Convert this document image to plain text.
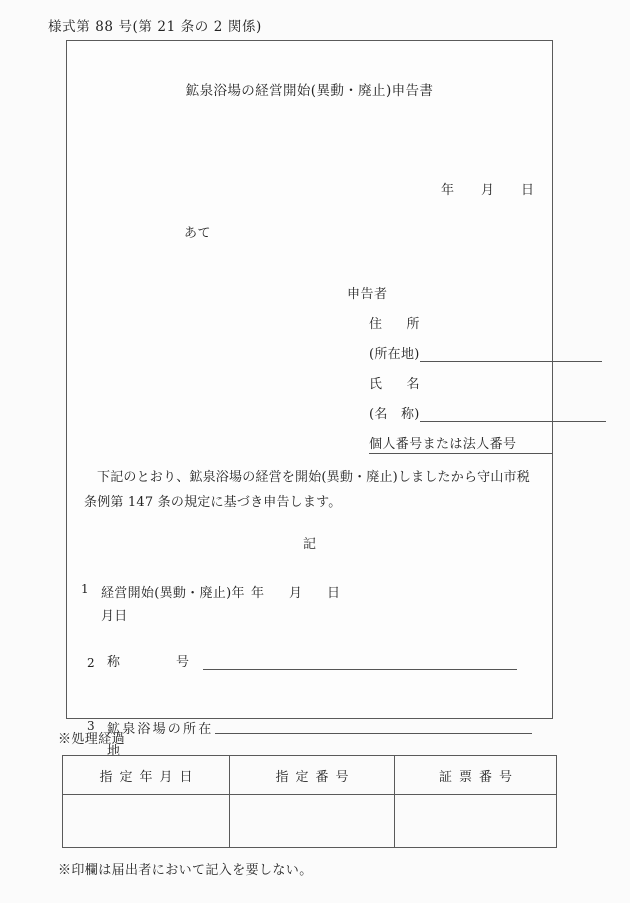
様式第 88 号(第 21 条の 2 関係)
鉱泉浴場の経営開始(異動・廃止)申告書
年 月 日
あて
申告者
住 所
(所在地)
氏 名
(名　称)
個人番号または法人番号
下記のとおり、鉱泉浴場の経営を開始(異動・廃止)しましたから守山市税条例第 147 条の規定に基づき申告します。
記
1 経営開始(異動・廃止)年月日
年 月 日
2 称	号
3 鉱泉浴場の所在地
※処理経過
指定年月日	指定番号	証票番号

※印欄は届出者において記入を要しない。
